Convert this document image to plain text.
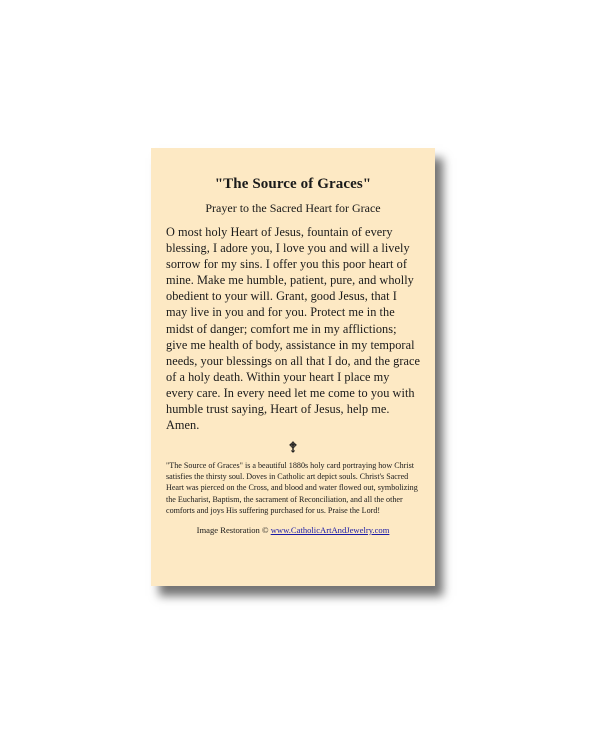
"The Source of Graces"
Prayer to the Sacred Heart for Grace
O most holy Heart of Jesus, fountain of every blessing, I adore you, I love you and will a lively sorrow for my sins. I offer you this poor heart of mine. Make me humble, patient, pure, and wholly obedient to your will. Grant, good Jesus, that I may live in you and for you. Protect me in the midst of danger; comfort me in my afflictions; give me health of body, assistance in my temporal needs, your blessings on all that I do, and the grace of a holy death. Within your heart I place my every care. In every need let me come to you with humble trust saying, Heart of Jesus, help me. Amen.
"The Source of Graces" is a beautiful 1880s holy card portraying how Christ satisfies the thirsty soul. Doves in Catholic art depict souls. Christ's Sacred Heart was pierced on the Cross, and blood and water flowed out, symbolizing the Eucharist, Baptism, the sacrament of Reconciliation, and all the other comforts and joys His suffering purchased for us. Praise the Lord!
Image Restoration © www.CatholicArtAndJewelry.com
